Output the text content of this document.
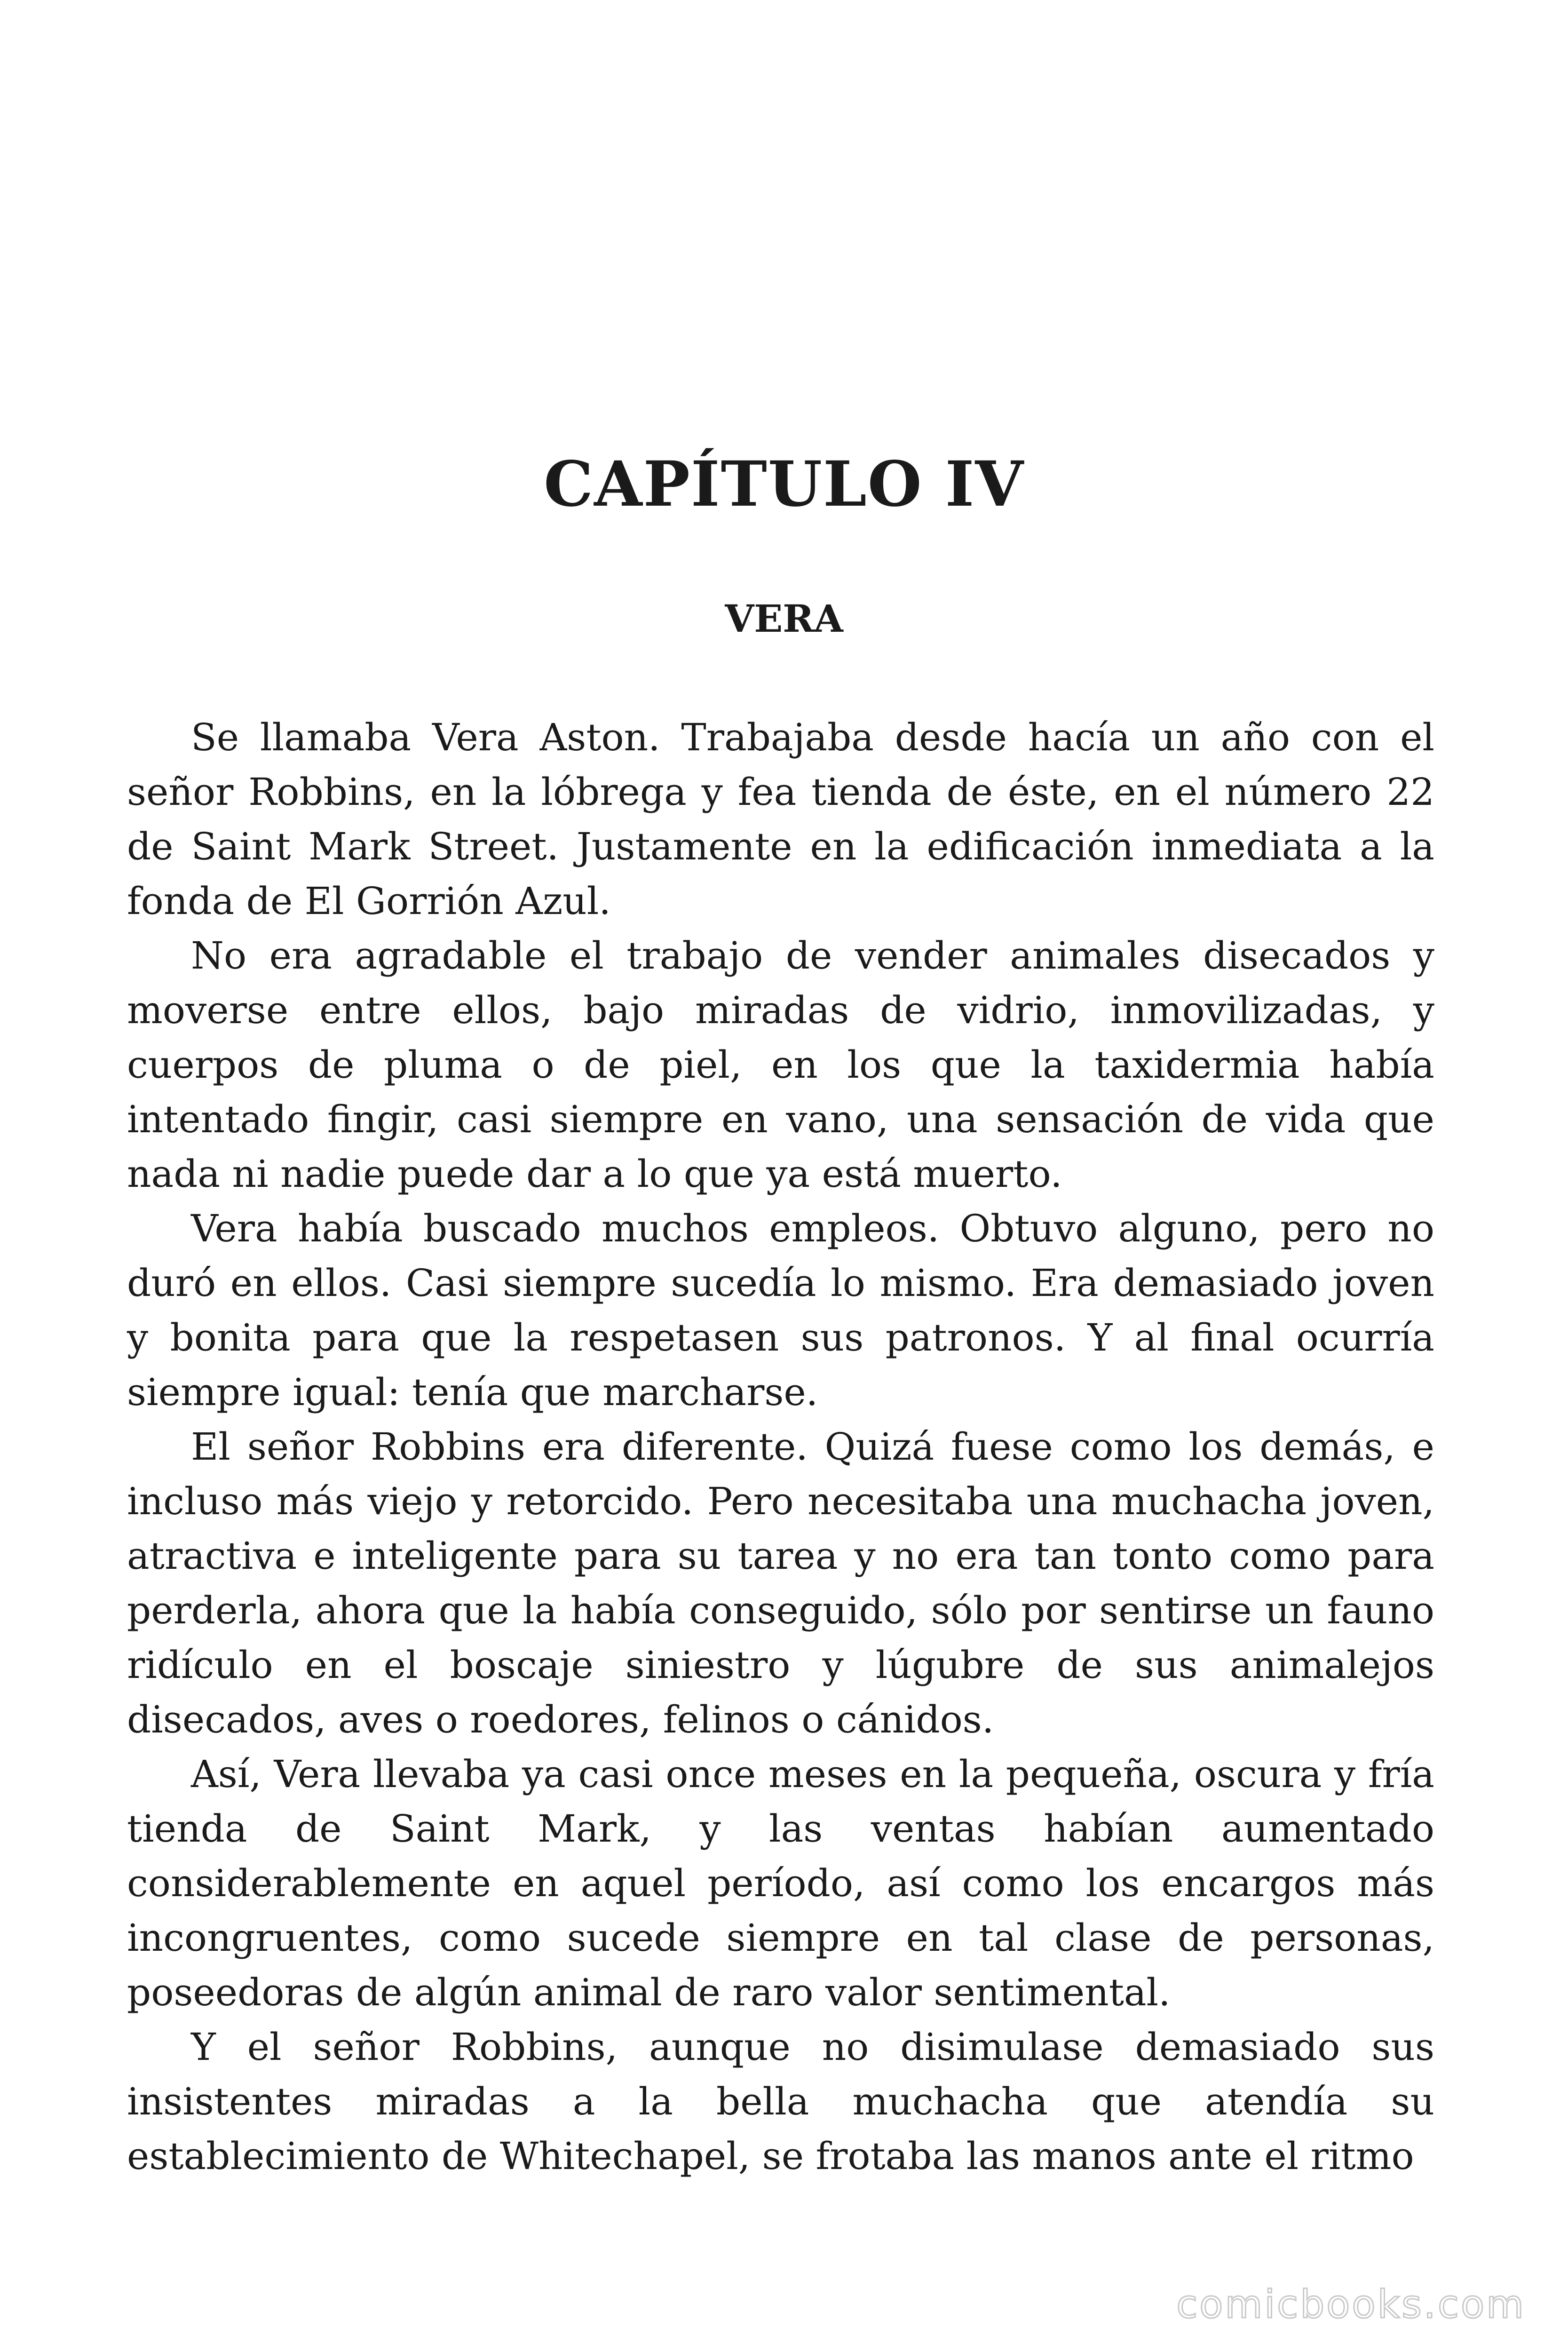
CAPÍTULO IV
VERA

Se llamaba Vera Aston. Trabajaba desde hacía un año con el señor Robbins, en la lóbrega y fea tienda de éste, en el número 22 de Saint Mark Street. Justamente en la edificación inmediata a la fonda de El Gorrión Azul.

No era agradable el trabajo de vender animales disecados y moverse entre ellos, bajo miradas de vidrio, inmovilizadas, y cuerpos de pluma o de piel, en los que la taxidermia había intentado fingir, casi siempre en vano, una sensación de vida que nada ni nadie puede dar a lo que ya está muerto.

Vera había buscado muchos empleos. Obtuvo alguno, pero no duró en ellos. Casi siempre sucedía lo mismo. Era demasiado joven y bonita para que la respetasen sus patronos. Y al final ocurría siempre igual: tenía que marcharse.

El señor Robbins era diferente. Quizá fuese como los demás, e incluso más viejo y retorcido. Pero necesitaba una muchacha joven, atractiva e inteligente para su tarea y no era tan tonto como para perderla, ahora que la había conseguido, sólo por sentirse un fauno ridículo en el boscaje siniestro y lúgubre de sus animalejos disecados, aves o roedores, felinos o cánidos.

Así, Vera llevaba ya casi once meses en la pequeña, oscura y fría tienda de Saint Mark, y las ventas habían aumentado considerablemente en aquel período, así como los encargos más incongruentes, como sucede siempre en tal clase de personas, poseedoras de algún animal de raro valor sentimental.

Y el señor Robbins, aunque no disimulase demasiado sus insistentes miradas a la bella muchacha que atendía su establecimiento de Whitechapel, se frotaba las manos ante el ritmo

comicbooks.com
